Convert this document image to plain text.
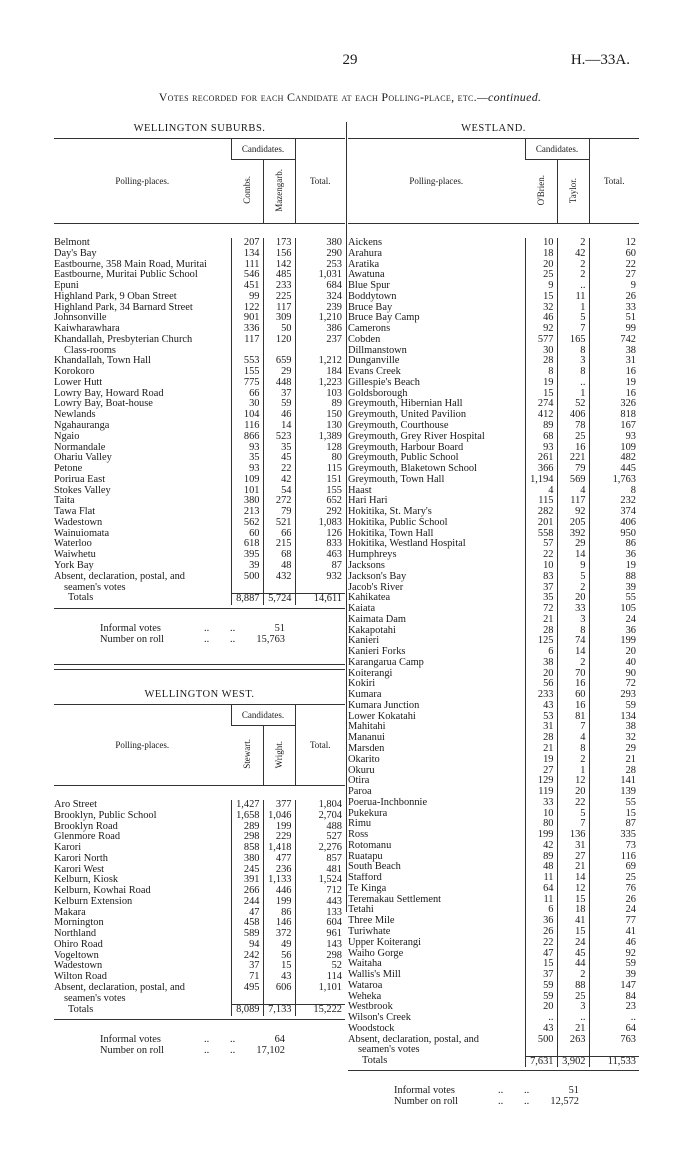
29	H.—33A.
Votes recorded for each Candidate at each Polling-place, etc.—continued.
WELLINGTON SUBURBS.
Polling-places.	Candidates.		Total.
	Combs.	Mazengarb.	
Belmont	207	173	380
Day's Bay	134	156	290
Eastbourne, 358 Main Road, Muritai	111	142	253
Eastbourne, Muritai Public School	546	485	1,031
Epuni	451	233	684
Highland Park, 9 Oban Street	99	225	324
Highland Park, 34 Barnard Street	122	117	239
Johnsonville	901	309	1,210
Kaiwharawhara	336	50	386
Khandallah, Presbyterian Church	117	120	237
Class-rooms			
Khandallah, Town Hall	553	659	1,212
Korokoro	155	29	184
Lower Hutt	775	448	1,223
Lowry Bay, Howard Road	66	37	103
Lowry Bay, Boat-house	30	59	89
Newlands	104	46	150
Ngahauranga	116	14	130
Ngaio	866	523	1,389
Normandale	93	35	128
Ohariu Valley	35	45	80
Petone	93	22	115
Porirua East	109	42	151
Stokes Valley	101	54	155
Taita	380	272	652
Tawa Flat	213	79	292
Wadestown	562	521	1,083
Wainuiomata	60	66	126
Waterloo	618	215	833
Waiwhetu	395	68	463
York Bay	39	48	87
Absent, declaration, postal, and	500	432	932
seamen's votes			
Totals	8,887	5,724	14,611
Informal votes	..        ..	51
Number on roll	..        .. 15,763
WELLINGTON WEST.
Polling-places.	Candidates.		Total.
	Stewart.	Wright.	
Aro Street	1,427	377	1,804
Brooklyn, Public School	1,658	1,046	2,704
Brooklyn Road	289	199	488
Glenmore Road	298	229	527
Karori	858	1,418	2,276
Karori North	380	477	857
Karori West	245	236	481
Kelburn, Kiosk	391	1,133	1,524
Kelburn, Kowhai Road	266	446	712
Kelburn Extension	244	199	443
Makara	47	86	133
Mornington	458	146	604
Northland	589	372	961
Ohiro Road	94	49	143
Vogeltown	242	56	298
Wadestown	37	15	52
Wilton Road	71	43	114
Absent, declaration, postal, and	495	606	1,101
seamen's votes			
Totals	8,089	7,133	15,222
Informal votes	..        ..	64
Number on roll	..        .. 17,102
WESTLAND.
Polling-places.	Candidates.		Total.
	O'Brien.	Taylor.	
Aickens	10	2	12
Arahura	18	42	60
Aratika	20	2	22
Awatuna	25	2	27
Blue Spur	9	..	9
Boddytown	15	11	26
Bruce Bay	32	1	33
Bruce Bay Camp	46	5	51
Camerons	92	7	99
Cobden	577	165	742
Dillmanstown	30	8	38
Dunganville	28	3	31
Evans Creek	8	8	16
Gillespie's Beach	19	..	19
Goldsborough	15	1	16
Greymouth, Hibernian Hall	274	52	326
Greymouth, United Pavilion	412	406	818
Greymouth, Courthouse	89	78	167
Greymouth, Grey River Hospital	68	25	93
Greymouth, Harbour Board	93	16	109
Greymouth, Public School	261	221	482
Greymouth, Blaketown School	366	79	445
Greymouth, Town Hall	1,194	569	1,763
Haast	4	4	8
Hari Hari	115	117	232
Hokitika, St. Mary's	282	92	374
Hokitika, Public School	201	205	406
Hokitika, Town Hall	558	392	950
Hokitika, Westland Hospital	57	29	86
Humphreys	22	14	36
Jacksons	10	9	19
Jackson's Bay	83	5	88
Jacob's River	37	2	39
Kahikatea	35	20	55
Kaiata	72	33	105
Kaimata Dam	21	3	24
Kakapotahi	28	8	36
Kanieri	125	74	199
Kanieri Forks	6	14	20
Karangarua Camp	38	2	40
Koiterangi	20	70	90
Kokiri	56	16	72
Kumara	233	60	293
Kumara Junction	43	16	59
Lower Kokatahi	53	81	134
Mahitahi	31	7	38
Mananui	28	4	32
Marsden	21	8	29
Okarito	19	2	21
Okuru	27	1	28
Otira	129	12	141
Paroa	119	20	139
Poerua-Inchbonnie	33	22	55
Pukekura	10	5	15
Rimu	80	7	87
Ross	199	136	335
Rotomanu	42	31	73
Ruatapu	89	27	116
South Beach	48	21	69
Stafford	11	14	25
Te Kinga	64	12	76
Teremakau Settlement	11	15	26
Tetahi	6	18	24
Three Mile	36	41	77
Turiwhate	26	15	41
Upper Koiterangi	22	24	46
Waiho Gorge	47	45	92
Waitaha	15	44	59
Wallis's Mill	37	2	39
Wataroa	59	88	147
Weheka	59	25	84
Westbrook	20	3	23
Wilson's Creek	..	..	..
Woodstock	43	21	64
Absent, declaration, postal, and	500	263	763
seamen's votes			
Totals	7,631	3,902	11,533
Informal votes	..        ..	51
Number on roll	..        .. 12,572
